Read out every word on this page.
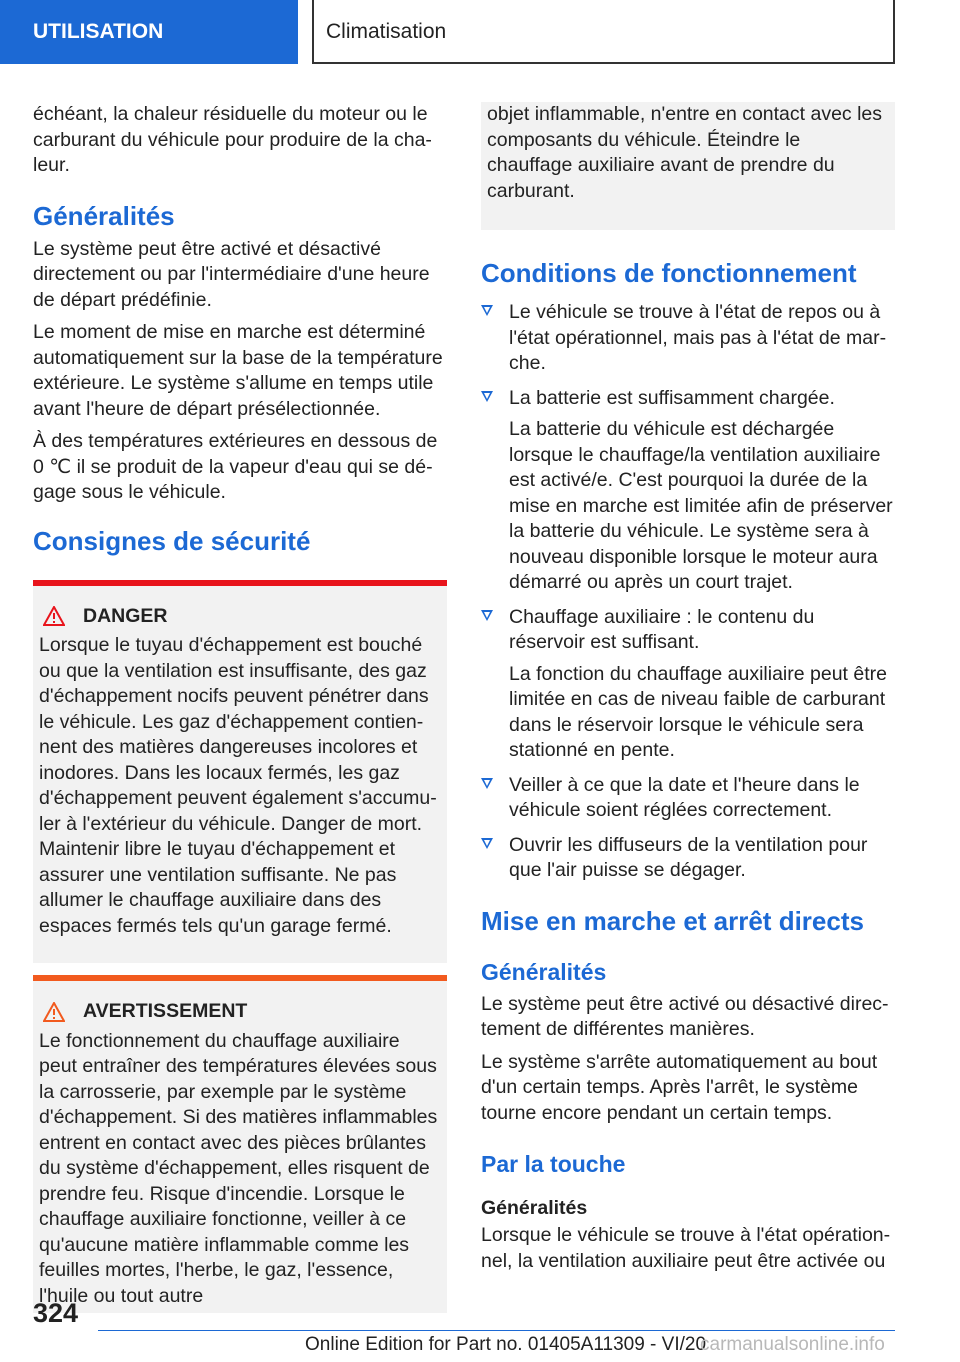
UTILISATION	Climatisation

échéant, la chaleur résiduelle du moteur ou le carburant du véhicule pour produire de la chaleur.

Généralités

Le système peut être activé et désactivé directement ou par l'intermédiaire d'une heure de départ prédéfinie.

Le moment de mise en marche est déterminé automatiquement sur la base de la température extérieure. Le système s'allume en temps utile avant l'heure de départ présélectionnée.

À des températures extérieures en dessous de 0 ℃ il se produit de la vapeur d'eau qui se dégage sous le véhicule.

Consignes de sécurité
DANGER
Lorsque le tuyau d'échappement est bouché ou que la ventilation est insuffisante, des gaz d'échappement nocifs peuvent pénétrer dans le véhicule. Les gaz d'échappement contiennent des matières dangereuses incolores et inodores. Dans les locaux fermés, les gaz d'échappement peuvent également s'accumuler à l'extérieur du véhicule. Danger de mort. Maintenir libre le tuyau d'échappement et assurer une ventilation suffisante. Ne pas allumer le chauffage auxiliaire dans des espaces fermés tels qu'un garage fermé.
AVERTISSEMENT
Le fonctionnement du chauffage auxiliaire peut entraîner des températures élevées sous la carrosserie, par exemple par le système d'échappement. Si des matières inflammables entrent en contact avec des pièces brûlantes du système d'échappement, elles risquent de prendre feu. Risque d'incendie. Lorsque le chauffage auxiliaire fonctionne, veiller à ce qu'aucune matière inflammable comme les feuilles mortes, l'herbe, le gaz, l'essence, l'huile ou tout autre
objet inflammable, n'entre en contact avec les composants du véhicule. Éteindre le chauffage auxiliaire avant de prendre du carburant.
Conditions de fonctionnement
Le véhicule se trouve à l'état de repos ou à l'état opérationnel, mais pas à l'état de marche.
La batterie est suffisamment chargée.

La batterie du véhicule est déchargée lorsque le chauffage/la ventilation auxiliaire est activé/e. C'est pourquoi la durée de la mise en marche est limitée afin de préserver la batterie du véhicule. Le système sera à nouveau disponible lorsque le moteur aura démarré ou après un court trajet.

Chauffage auxiliaire : le contenu du réservoir est suffisant.

La fonction du chauffage auxiliaire peut être limitée en cas de niveau faible de carburant dans le réservoir lorsque le véhicule sera stationné en pente.

Veiller à ce que la date et l'heure dans le véhicule soient réglées correctement.
Ouvrir les diffuseurs de la ventilation pour que l'air puisse se dégager.
Mise en marche et arrêt directs
Généralités

Le système peut être activé ou désactivé directement de différentes manières.

Le système s'arrête automatiquement au bout d'un certain temps. Après l'arrêt, le système tourne encore pendant un certain temps.

Par la touche
Généralités

Lorsque le véhicule se trouve à l'état opérationnel, la ventilation auxiliaire peut être activée ou

324
Online Edition for Part no. 01405A11309 - VI/20
carmanualsonline.info
